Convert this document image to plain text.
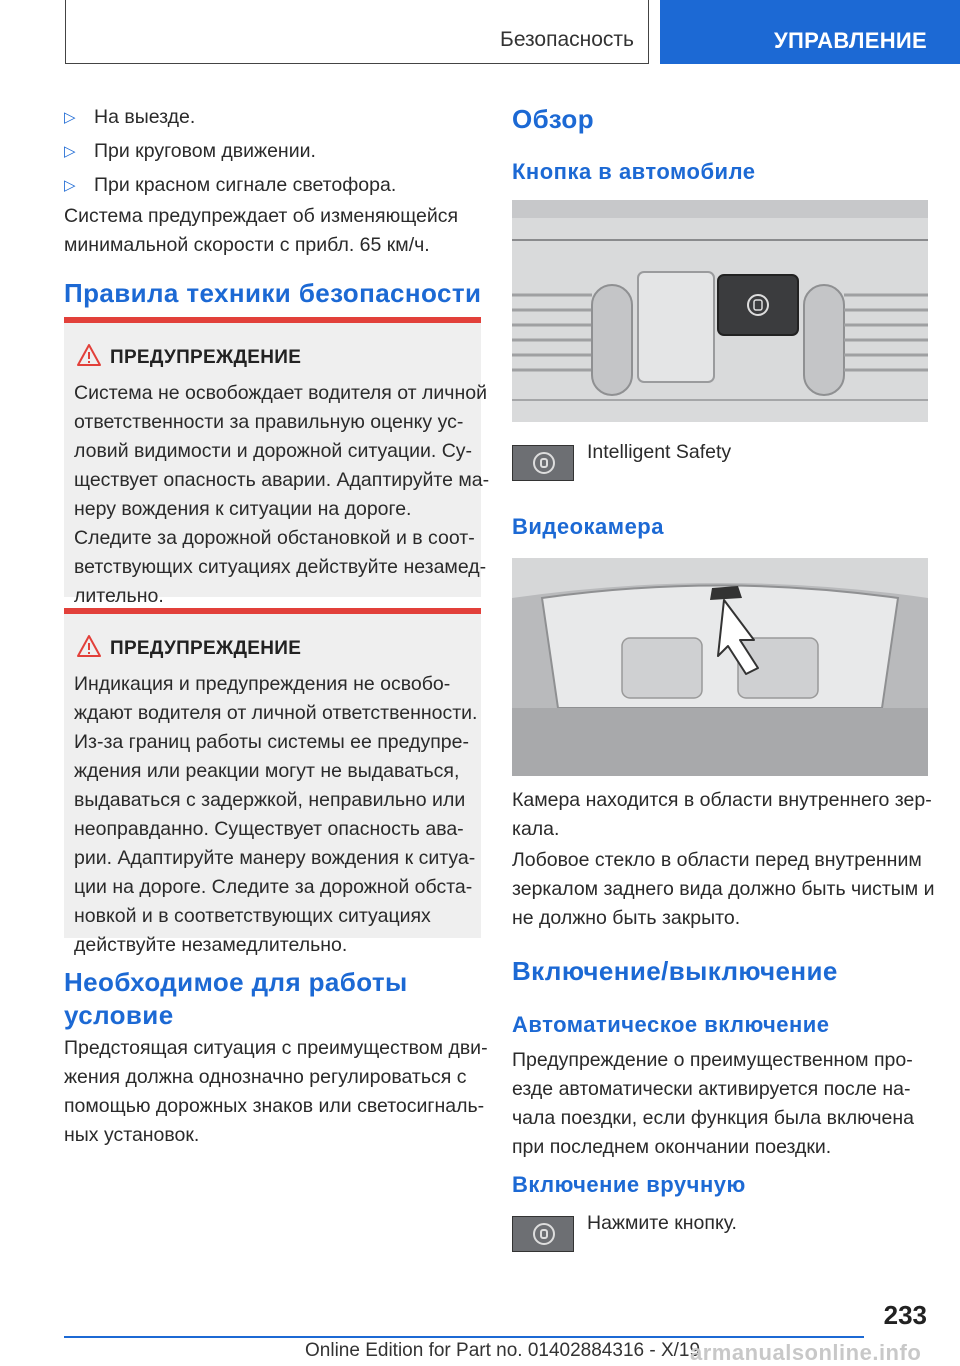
Безопасность	УПРАВЛЕНИЕ
▷ На выезде.
▷ При круговом движении.
▷ При красном сигнале светофора.
Система предупреждает об изменяющейся
минимальной скорости с прибл. 65 км/ч.
Правила техники безопасности
ПРЕДУПРЕЖДЕНИЕ
Система не освобождает водителя от личной
ответственности за правильную оценку ус-
ловий видимости и дорожной ситуации. Су-
ществует опасность аварии. Адаптируйте ма-
неру вождения к ситуации на дороге.
Следите за дорожной обстановкой и в соот-
ветствующих ситуациях действуйте незамед-
лительно.
ПРЕДУПРЕЖДЕНИЕ
Индикация и предупреждения не освобо-
ждают водителя от личной ответственности.
Из-за границ работы системы ее предупре-
ждения или реакции могут не выдаваться,
выдаваться с задержкой, неправильно или
неоправданно. Существует опасность ава-
рии. Адаптируйте манеру вождения к ситуа-
ции на дороге. Следите за дорожной обста-
новкой и в соответствующих ситуациях
действуйте незамедлительно.
Необходимое для работы
условие
Предстоящая ситуация с преимуществом дви-
жения должна однозначно регулироваться с
помощью дорожных знаков или светосигналь-
ных установок.
Обзор
Кнопка в автомобиле
Intelligent Safety
Видеокамера
Камера находится в области внутреннего зер-
кала.
Лобовое стекло в области перед внутренним
зеркалом заднего вида должно быть чистым и
не должно быть закрыто.
Включение/выключение
Автоматическое включение
Предупреждение о преимущественном про-
езде автоматически активируется после на-
чала поездки, если функция была включена
при последнем окончании поездки.
Включение вручную
Нажмите кнопку.
233
Online Edition for Part no. 01402884316 - X/19
armanualsonline.info
